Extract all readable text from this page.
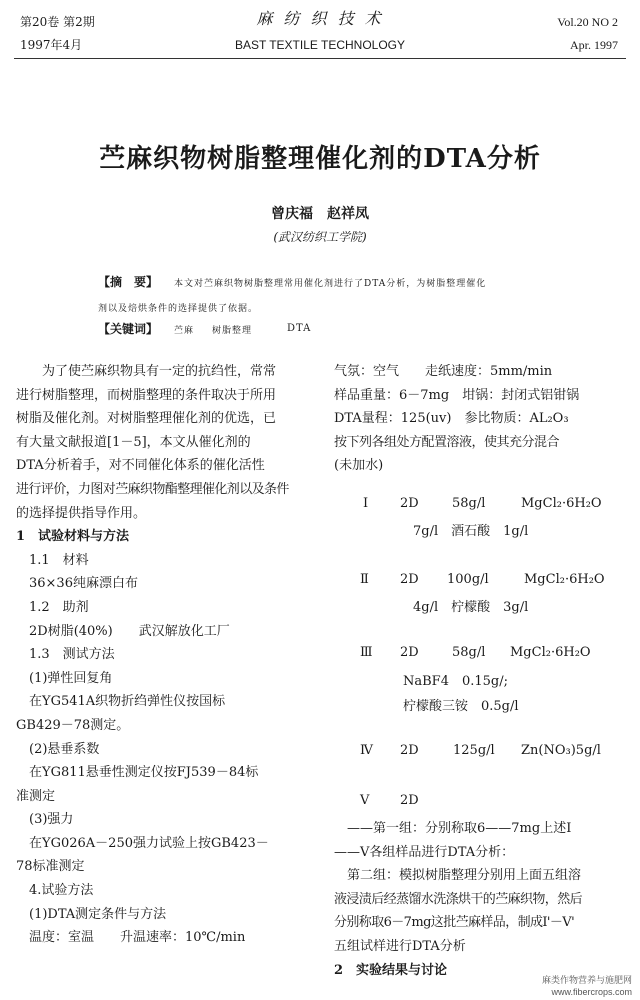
第20卷 第2期
1997年4月
麻 纺 织 技 术
BAST TEXTILE TECHNOLOGY
Vol.20 NO 2
Apr. 1997
苎麻织物树脂整理催化剂的DTA分析
曾庆福　赵祥凤
(武汉纺织工学院)
【摘　要】 本文对苎麻织物树脂整理常用催化剂进行了DTA分析，为树脂整理催化
剂以及焙烘条件的选择提供了依据。
【关键词】 苎麻 树脂整理	DTA
　　为了使苎麻织物具有一定的抗绉性，常常
进行树脂整理，而树脂整理的条件取决于所用
树脂及催化剂。对树脂整理催化剂的优选，已
有大量文献报道[1－5]，本文从催化剂的
DTA分析着手，对不同催化体系的催化活性
进行评价，力图对苎麻织物酯整理催化剂以及条件
的选择提供指导作用。
1　试验材料与方法
　1.1　材料
　36×36纯麻漂白布
　1.2　助剂
　2D树脂(40%)　　武汉解放化工厂
　1.3　测试方法
　(1)弹性回复角
　在YG541A织物折绉弹性仪按国标
GB429－78测定。
　(2)悬垂系数
　在YG811悬垂性测定仪按FJ539－84标
准测定
　(3)强力
　在YG026A－250强力试验上按GB423－
78标准测定
　4.试验方法
　(1)DTA测定条件与方法
　温度：室温　　升温速率：10℃/min
气氛：空气　　走纸速度：5mm/min
样品重量：6－7mg　坩锅：封闭式铝钳锅
DTA量程：125(uv)　参比物质：AL₂O₃
按下列各组处方配置溶液，使其充分混合
(未加水)
Ⅰ 2D	58g/l	MgCl₂·6H₂O
7g/l　酒石酸　1g/l
Ⅱ 2D 100g/l	MgCl₂·6H₂O
4g/l　柠檬酸　3g/l
Ⅲ 2D	58g/l MgCl₂·6H₂O
NaBF4　0.15g/;
柠檬酸三铵　0.5g/l
Ⅳ 2D	125g/l Zn(NO₃)5g/l
Ⅴ 2D
　——第一组：分别称取6——7mg上述Ⅰ
——Ⅴ各组样品进行DTA分析：
　第二组：模拟树脂整理分别用上面五组溶
液浸渍后经蒸馏水洗涤烘干的苎麻织物，然后
分别称取6－7mg这批苎麻样品，制成Ⅰ'－Ⅴ'
五组试样进行DTA分析
2　实验结果与讨论
麻类作物营养与施肥网
www.fibercrops.com
